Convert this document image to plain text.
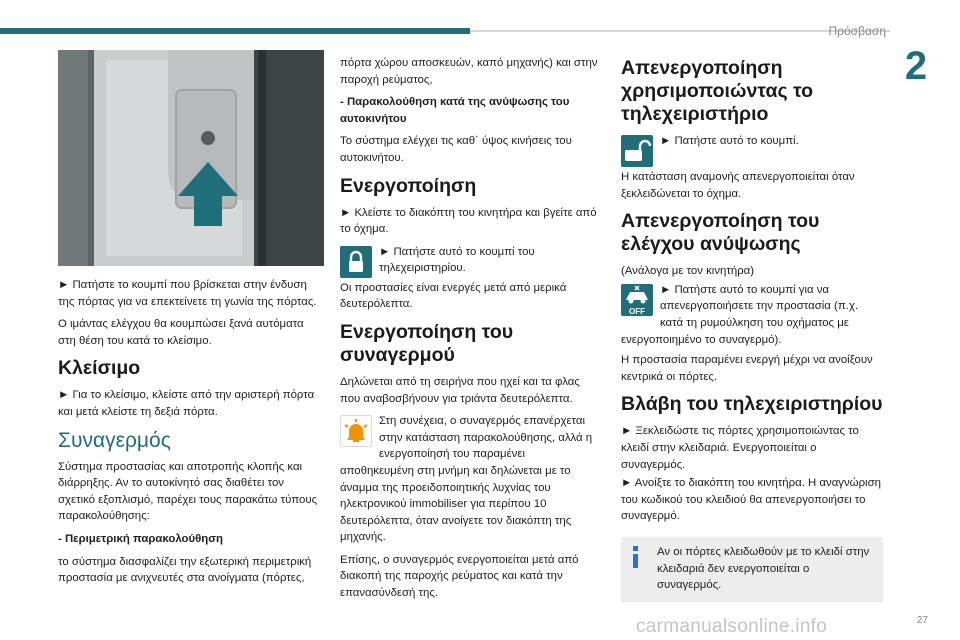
Πρόσβαση
2

► Πατήστε το κουμπί που βρίσκεται στην ένδυση της πόρτας για να επεκτείνετε τη γωνία της πόρτας.

Ο ιμάντας ελέγχου θα κουμπώσει ξανά αυτόματα στη θέση του κατά το κλείσιμο.

Κλείσιμο

► Για το κλείσιμο, κλείστε από την αριστερή πόρτα και μετά κλείστε τη δεξιά πόρτα.

Συναγερμός

Σύστημα προστασίας και αποτροπής κλοπής και διάρρηξης. Αν το αυτοκίνητό σας διαθέτει τον σχετικό εξοπλισμό, παρέχει τους παρακάτω τύπους παρακολούθησης:

- Περιμετρική παρακολούθηση

το σύστημα διασφαλίζει την εξωτερική περιμετρική προστασία με ανιχνευτές στα ανοίγματα (πόρτες,

πόρτα χώρου αποσκευών, καπό μηχανής) και στην παροχή ρεύματος,

- Παρακολούθηση κατά της ανύψωσης του αυτοκινήτου

Το σύστημα ελέγχει τις καθ΄ ύψος κινήσεις του αυτοκινήτου.

Ενεργοποίηση

► Κλείστε το διακόπτη του κινητήρα και βγείτε από το όχημα.

► Πατήστε αυτό το κουμπί του τηλεχειριστηρίου.

Οι προστασίες είναι ενεργές μετά από μερικά δευτερόλεπτα.

Ενεργοποίηση του συναγερμού

Δηλώνεται από τη σειρήνα που ηχεί και τα φλας που αναβοσβήνουν για τριάντα δευτερόλεπτα.

Στη συνέχεια, ο συναγερμός επανέρχεται στην κατάσταση παρακολούθησης, αλλά η ενεργοποίησή του παραμένει αποθηκευμένη στη μνήμη και δηλώνεται με το άναμμα της προειδοποιητικής λυχνίας του ηλεκτρονικού immobiliser για περίπου 10 δευτερόλεπτα, όταν ανοίγετε τον διακόπτη της μηχανής.

Επίσης, ο συναγερμός ενεργοποιείται μετά από διακοπή της παροχής ρεύματος και κατά την επανασύνδεσή της.

Απενεργοποίηση χρησιμοποιώντας το τηλεχειριστήριο

► Πατήστε αυτό το κουμπί.

Η κατάσταση αναμονής απενεργοποιείται όταν ξεκλειδώνεται το όχημα.

Απενεργοποίηση του ελέγχου ανύψωσης

(Ανάλογα με τον κινητήρα)

OFF

► Πατήστε αυτό το κουμπί για να απενεργοποιήσετε την προστασία (π.χ. κατά τη ρυμούλκηση του οχήματος με ενεργοποιημένο το συναγερμό).

Η προστασία παραμένει ενεργή μέχρι να ανοίξουν κεντρικά οι πόρτες.

Βλάβη του τηλεχειριστηρίου

► Ξεκλειδώστε τις πόρτες χρησιμοποιώντας το κλειδί στην κλειδαριά. Ενεργοποιείται ο συναγερμός.

► Ανοίξτε το διακόπτη του κινητήρα. Η αναγνώριση του κωδικού του κλειδιού θα απενεργοποιήσει το συναγερμό.

Αν οι πόρτες κλειδωθούν με το κλειδί στην κλειδαριά δεν ενεργοποιείται ο συναγερμός.
27
carmanualsonline.info
